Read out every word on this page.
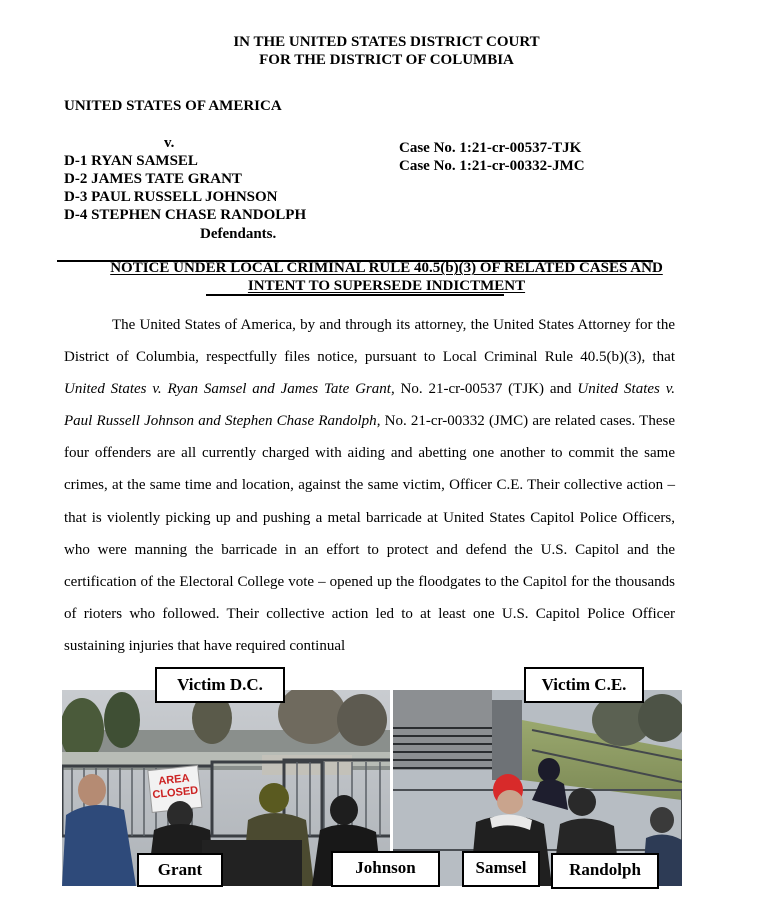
IN THE UNITED STATES DISTRICT COURT
FOR THE DISTRICT OF COLUMBIA
UNITED STATES OF AMERICA
v.
D-1 RYAN SAMSEL
D-2 JAMES TATE GRANT
D-3 PAUL RUSSELL JOHNSON
D-4 STEPHEN CHASE RANDOLPH
Defendants.
Case No. 1:21-cr-00537-TJK
Case No. 1:21-cr-00332-JMC
NOTICE UNDER LOCAL CRIMINAL RULE 40.5(b)(3) OF RELATED CASES AND
INTENT TO SUPERSEDE INDICTMENT
The United States of America, by and through its attorney, the United States Attorney for the District of Columbia, respectfully files notice, pursuant to Local Criminal Rule 40.5(b)(3), that United States v. Ryan Samsel and James Tate Grant, No. 21-cr-00537 (TJK) and United States v. Paul Russell Johnson and Stephen Chase Randolph, No. 21-cr-00332 (JMC) are related cases. These four offenders are all currently charged with aiding and abetting one another to commit the same crimes, at the same time and location, against the same victim, Officer C.E. Their collective action – that is violently picking up and pushing a metal barricade at United States Capitol Police Officers, who were manning the barricade in an effort to protect and defend the U.S. Capitol and the certification of the Electoral College vote – opened up the floodgates to the Capitol for the thousands of rioters who followed. Their collective action led to at least one U.S. Capitol Police Officer sustaining injuries that have required continual
AREA
CLOSED
Victim D.C.	Victim C.E.
Grant	Johnson	Samsel	Randolph
